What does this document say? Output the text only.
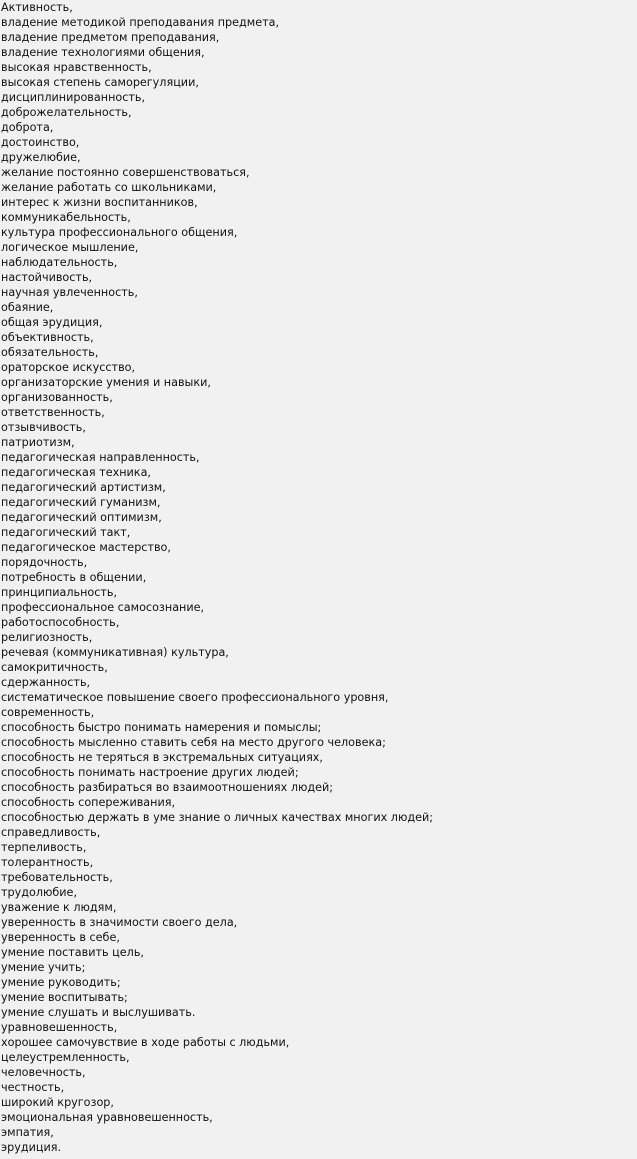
Активность,
владение методикой преподавания предмета,
владение предметом преподавания,
владение технологиями общения,
высокая нравственность,
высокая степень саморегуляции,
дисциплинированность,
доброжелательность,
доброта,
достоинство,
дружелюбие,
желание постоянно совершенствоваться,
желание работать со школьниками,
интерес к жизни воспитанников,
коммуникабельность,
культура профессионального общения,
логическое мышление,
наблюдательность,
настойчивость,
научная увлеченность,
обаяние,
общая эрудиция,
объективность,
обязательность,
ораторское искусство,
организаторские умения и навыки,
организованность,
ответственность,
отзывчивость,
патриотизм,
педагогическая направленность,
педагогическая техника,
педагогический артистизм,
педагогический гуманизм,
педагогический оптимизм,
педагогический такт,
педагогическое мастерство,
порядочность,
потребность в общении,
принципиальность,
профессиональное самосознание,
работоспособность,
религиозность,
речевая (коммуникативная) культура,
самокритичность,
сдержанность,
систематическое повышение своего профессионального уровня,
современность,
способность быстро понимать намерения и помыслы;
способность мысленно ставить себя на место другого человека;
способность не теряться в экстремальных ситуациях,
способность понимать настроение других людей;
способность разбираться во взаимоотношениях людей;
способность сопереживания,
способностью держать в уме знание о личных качествах многих людей;
справедливость,
терпеливость,
толерантность,
требовательность,
трудолюбие,
уважение к людям,
уверенность в значимости своего дела,
уверенность в себе,
умение поставить цель,
умение учить;
умение руководить;
умение воспитывать;
умение слушать и выслушивать.
уравновешенность,
хорошее самочувствие в ходе работы с людьми,
целеустремленность,
человечность,
честность,
широкий кругозор,
эмоциональная уравновешенность,
эмпатия,
эрудиция.
